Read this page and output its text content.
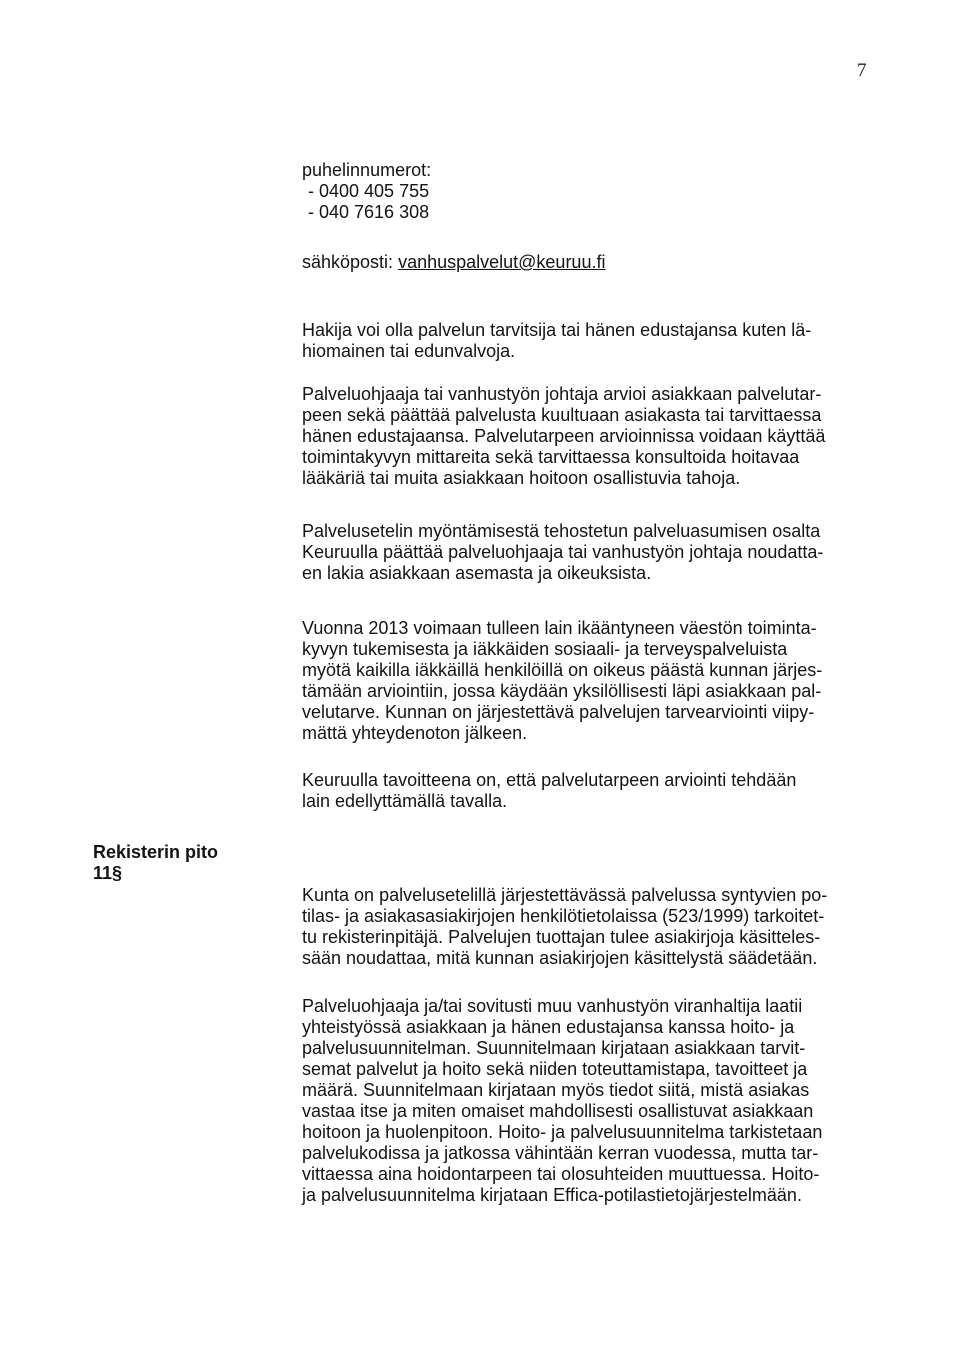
7
puhelinnumerot:
- 0400 405 755
- 040 7616 308
sähköposti: vanhuspalvelut@keuruu.fi
Hakija voi olla palvelun tarvitsija tai hänen edustajansa kuten lä-
hiomainen tai edunvalvoja.
Palveluohjaaja tai vanhustyön johtaja arvioi asiakkaan palvelutar-
peen sekä päättää palvelusta kuultuaan asiakasta tai tarvittaessa
hänen edustajaansa. Palvelutarpeen arvioinnissa voidaan käyttää
toimintakyvyn mittareita sekä tarvittaessa konsultoida hoitavaa
lääkäriä tai muita asiakkaan hoitoon osallistuvia tahoja.
Palvelusetelin myöntämisestä tehostetun palveluasumisen osalta
Keuruulla päättää palveluohjaaja tai vanhustyön johtaja noudatta-
en lakia asiakkaan asemasta ja oikeuksista.
Vuonna 2013 voimaan tulleen lain ikääntyneen väestön toiminta-
kyvyn tukemisesta ja iäkkäiden sosiaali- ja terveyspalveluista
myötä kaikilla iäkkäillä henkilöillä on oikeus päästä kunnan järjes-
tämään arviointiin, jossa käydään yksilöllisesti läpi asiakkaan pal-
velutarve. Kunnan on järjestettävä palvelujen tarvearviointi viipy-
mättä yhteydenoton jälkeen.
Keuruulla tavoitteena on, että palvelutarpeen arviointi tehdään
lain edellyttämällä tavalla.
Rekisterin pito
11§
Kunta on palvelusetelillä järjestettävässä palvelussa syntyvien po-
tilas- ja asiakasasiakirjojen henkilötietolaissa (523/1999) tarkoitet-
tu rekisterinpitäjä. Palvelujen tuottajan tulee asiakirjoja käsitteles-
sään noudattaa, mitä kunnan asiakirjojen käsittelystä säädetään.
Palveluohjaaja ja/tai sovitusti muu vanhustyön viranhaltija laatii
yhteistyössä asiakkaan ja hänen edustajansa kanssa hoito- ja
palvelusuunnitelman. Suunnitelmaan kirjataan asiakkaan tarvit-
semat palvelut ja hoito sekä niiden toteuttamistapa, tavoitteet ja
määrä. Suunnitelmaan kirjataan myös tiedot siitä, mistä asiakas
vastaa itse ja miten omaiset mahdollisesti osallistuvat asiakkaan
hoitoon ja huolenpitoon. Hoito- ja palvelusuunnitelma tarkistetaan
palvelukodissa ja jatkossa vähintään kerran vuodessa, mutta tar-
vittaessa aina hoidontarpeen tai olosuhteiden muuttuessa. Hoito-
ja palvelusuunnitelma kirjataan Effica-potilastietojärjestelmään.
